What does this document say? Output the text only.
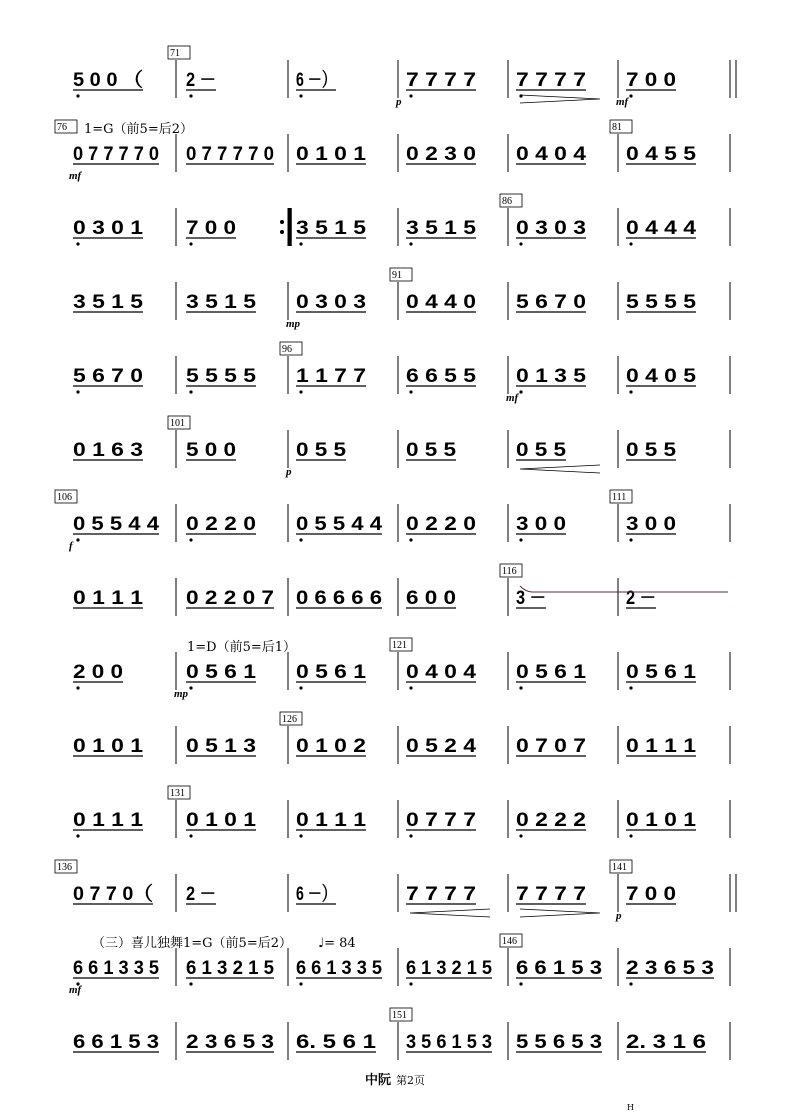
5 0 0 （ 2 －	6 －）	7 7 7 7 7 7 7 7 7 0 0
71
p	mf
0 7 7 7 7 0 0 7 7 7 7 0 0 1 0 1 0 2 3 0 0 4 0 4 0 4 5 5
76	81
mf
1=G（前5=后2）
0 3 0 1 7 0 0	3 5 1 5 3 5 1 5 0 3 0 3 0 4 4 4
86
3 5 1 5 3 5 1 5 0 3 0 3 0 4 4 0 5 6 7 0 5 5 5 5
91
mp
5 6 7 0 5 5 5 5 1 1 7 7 6 6 5 5 0 1 3 5 0 4 0 5
96
mf
0 1 6 3 5 0 0	0 5 5	0 5 5	0 5 5	0 5 5
101
p
0 5 5 4 4 0 2 2 0 0 5 5 4 4 0 2 2 0 3 0 0	3 0 0
106	111
f
0 1 1 1 0 2 2 0 7 0 6 6 6 6 6 0 0	3 －	2 －
116
2 0 0	0 5 6 1 0 5 6 1 0 4 0 4 0 5 6 1 0 5 6 1
121
mp
1=D（前5=后1）
0 1 0 1 0 5 1 3 0 1 0 2 0 5 2 4 0 7 0 7 0 1 1 1
126
0 1 1 1 0 1 0 1 0 1 1 1 0 7 7 7 0 2 2 2 0 1 0 1
131
0 7 7 0（ 2 －	6 －）	7 7 7 7 7 7 7 7 7 0 0
136	141
p
6 6 1 3 3 5 6 1 3 2 1 5 6 6 1 3 3 5 6 1 3 2 1 5 6 6 1 5 3 2 3 6 5 3
146
mf
（三）喜儿独舞1=G（前5=后2） ♩= 84
6 6 1 5 3 2 3 6 5 3 6. 5 6 1 3 5 6 1 5 3 5 5 6 5 3 2. 3 1 6
151
中阮 第2页
H
